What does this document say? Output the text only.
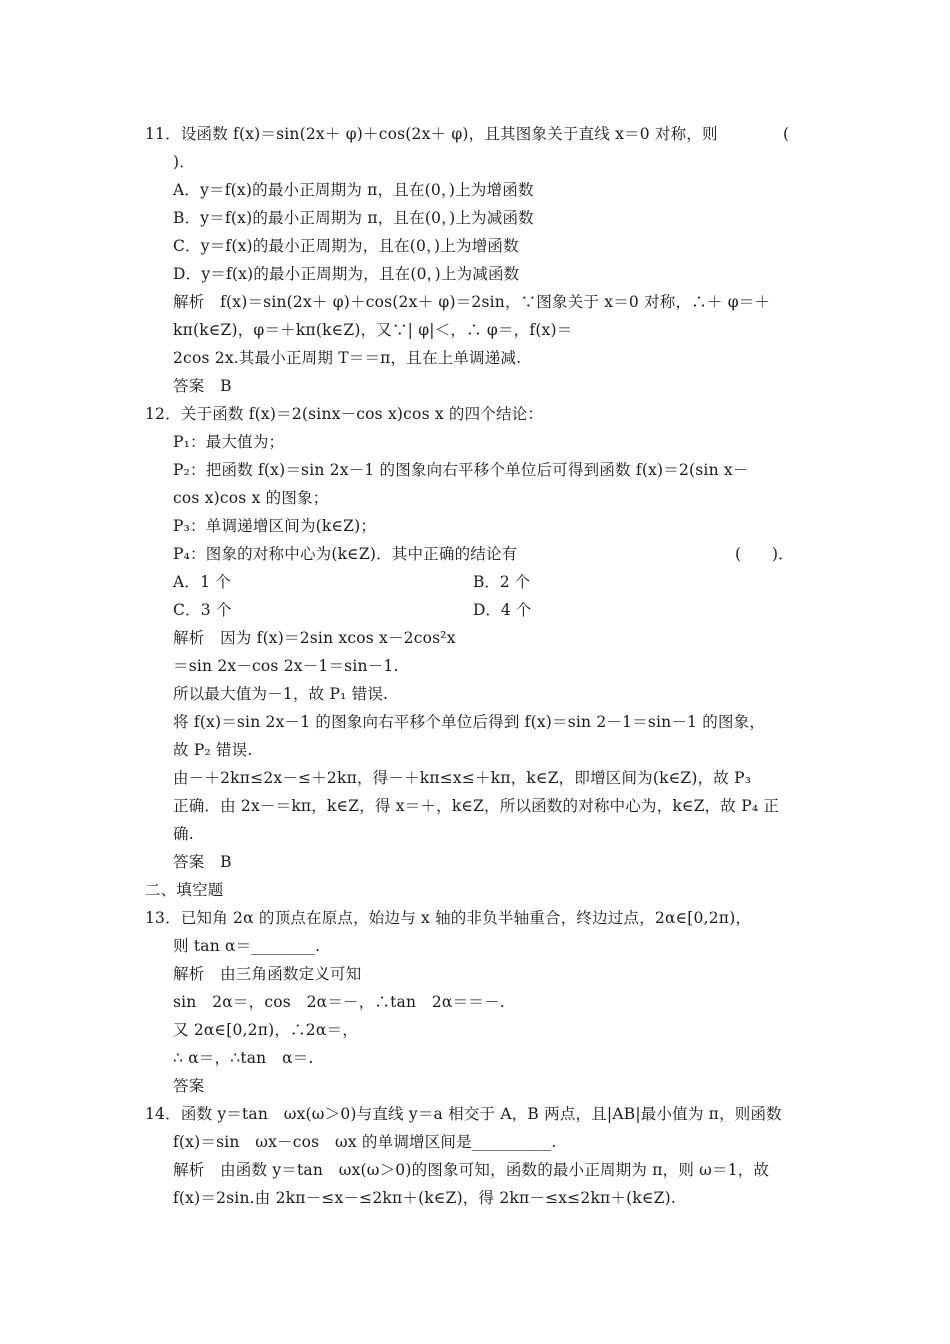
11．设函数 f(x)＝sin(2x＋ φ)＋cos(2x＋ φ)，且其图象关于直线 x＝0 对称，则	(
)．
A．y＝f(x)的最小正周期为 π，且在(0，)上为增函数
B．y＝f(x)的最小正周期为 π，且在(0，)上为减函数
C．y＝f(x)的最小正周期为，且在(0，)上为增函数
D．y＝f(x)的最小正周期为，且在(0，)上为减函数
解析　f(x)＝sin(2x＋ φ)＋cos(2x＋ φ)＝2sin，∵图象关于 x＝0 对称，∴＋ φ＝＋
kπ(k∈Z)，φ＝＋kπ(k∈Z)，又∵| φ|＜，∴ φ＝，f(x)＝
2cos 2x.其最小正周期 T＝＝π，且在上单调递减.
答案　B
12．关于函数 f(x)＝2(sinx－cos x)cos x 的四个结论：
P₁：最大值为；
P₂：把函数 f(x)＝sin 2x－1 的图象向右平移个单位后可得到函数 f(x)＝2(sin x－
cos x)cos x 的图象；
P₃：单调递增区间为(k∈Z)；
P₄：图象的对称中心为(k∈Z)．其中正确的结论有	(　　)．
A．1 个	B．2 个
C．3 个	D．4 个
解析　因为 f(x)＝2sin xcos x－2cos²x
＝sin 2x－cos 2x－1＝sin－1.
所以最大值为－1，故 P₁ 错误.
将 f(x)＝sin 2x－1 的图象向右平移个单位后得到 f(x)＝sin 2－1＝sin－1 的图象，
故 P₂ 错误.
由－＋2kπ≤2x－≤＋2kπ，得－＋kπ≤x≤＋kπ，k∈Z，即增区间为(k∈Z)，故 P₃
正确．由 2x－＝kπ，k∈Z，得 x＝＋，k∈Z，所以函数的对称中心为，k∈Z，故 P₄ 正
确.
答案　B
二、填空题
13．已知角 2α 的顶点在原点，始边与 x 轴的非负半轴重合，终边过点，2α∈[0,2π)，
则 tan α＝________.
解析　由三角函数定义可知
sin　2α＝，cos　2α＝－，∴tan　2α＝＝－.
又 2α∈[0,2π)，∴2α＝，
∴ α＝，∴tan　α＝.
答案
14．函数 y＝tan　ωx(ω＞0)与直线 y＝a 相交于 A，B 两点，且|AB|最小值为 π，则函数
f(x)＝sin　ωx－cos　ωx 的单调增区间是__________.
解析　由函数 y＝tan　ωx(ω＞0)的图象可知，函数的最小正周期为 π，则 ω＝1，故
f(x)＝2sin.由 2kπ－≤x－≤2kπ＋(k∈Z)，得 2kπ－≤x≤2kπ＋(k∈Z).
